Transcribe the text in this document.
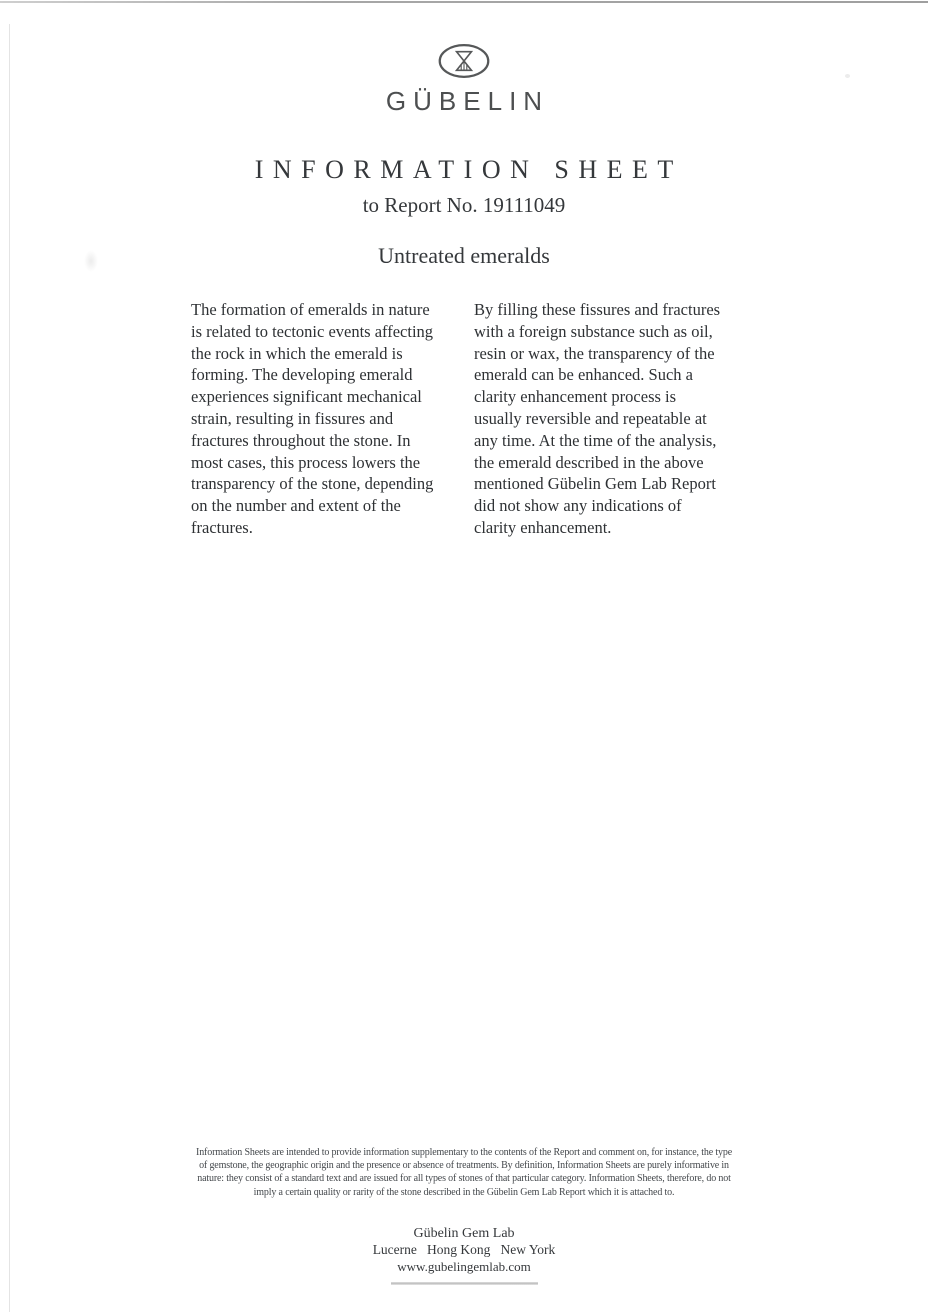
GÜBELIN
INFORMATION SHEET
to Report No. 19111049
Untreated emeralds
The formation of emeralds in nature
is related to tectonic events affecting
the rock in which the emerald is
forming. The developing emerald
experiences significant mechanical
strain, resulting in fissures and
fractures throughout the stone. In
most cases, this process lowers the
transparency of the stone, depending
on the number and extent of the
fractures.
By filling these fissures and fractures
with a foreign substance such as oil,
resin or wax, the transparency of the
emerald can be enhanced. Such a
clarity enhancement process is
usually reversible and repeatable at
any time. At the time of the analysis,
the emerald described in the above
mentioned Gübelin Gem Lab Report
did not show any indications of
clarity enhancement.
Information Sheets are intended to provide information supplementary to the contents of the Report and comment on, for instance, the type
of gemstone, the geographic origin and the presence or absence of treatments. By definition, Information Sheets are purely informative in
nature: they consist of a standard text and are issued for all types of stones of that particular category. Information Sheets, therefore, do not
imply a certain quality or rarity of the stone described in the Gübelin Gem Lab Report which it is attached to.
Gübelin Gem Lab
Lucerne   Hong Kong   New York
www.gubelingemlab.com
